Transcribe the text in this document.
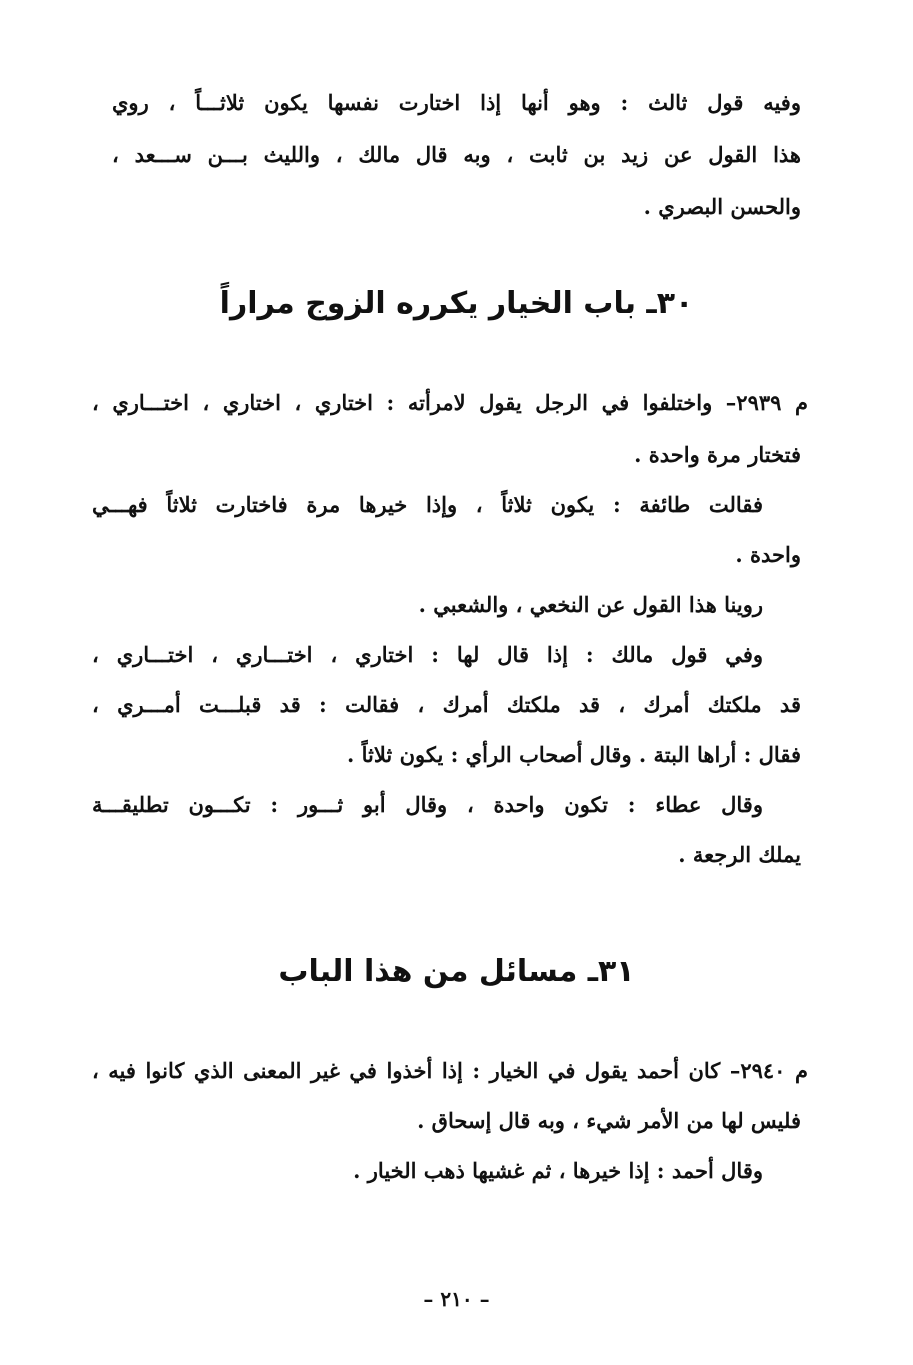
وفيه قول ثالث : وهو أنها إذا اختارت نفسها يكون ثلاثـــاً ، روي
هذا القول عن زيد بن ثابت ، وبه قال مالك ، والليث بـــن ســـعد ،
والحسن البصري .
٣٠ـ باب الخيار يكرره الزوج مراراً
م ٢٩٣٩– واختلفوا في الرجل يقول لامرأته : اختاري ، اختاري ، اختـــاري ،
فتختار مرة واحدة .
فقالت طائفة : يكون ثلاثاً ، وإذا خيرها مرة فاختارت ثلاثاً فهـــي
واحدة .
روينا هذا القول عن النخعي ، والشعبي .
وفي قول مالك : إذا قال لها : اختاري ، اختـــاري ، اختـــاري ،
قد ملكتك أمرك ، قد ملكتك أمرك ، فقالت : قد قبلـــت أمـــري ،
فقال : أراها البتة . وقال أصحاب الرأي : يكون ثلاثاً .
وقال عطاء : تكون واحدة ، وقال أبو ثـــور : تكـــون تطليقـــة
يملك الرجعة .
٣١ـ مسائل من هذا الباب
م ٢٩٤٠– كان أحمد يقول في الخيار : إذا أخذوا في غير المعنى الذي كانوا فيه ،
فليس لها من الأمر شيء ، وبه قال إسحاق .
وقال أحمد : إذا خيرها ، ثم غشيها ذهب الخيار .
– ٢١٠ –
